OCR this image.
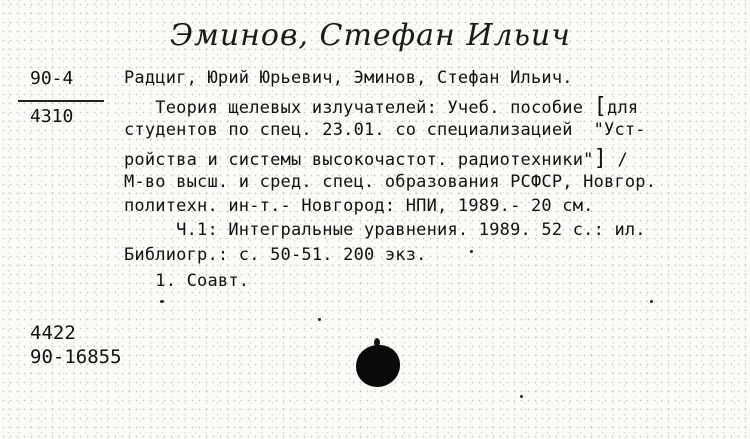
Эминов, Стефан Ильич
90-4
4310
Радциг, Юрий Юрьевич, Эминов, Стефан Ильич.
Теория щелевых излучателей: Учеб. пособие [для
студентов по спец. 23.01. со специализацией  "Уст-
ройства и системы высокочастот. радиотехники"] /
М-во высш. и сред. спец. образования РСФСР, Новгор.
политехн. ин-т.- Новгород: НПИ, 1989.- 20 см.
Ч.1: Интегральные уравнения. 1989. 52 с.: ил.
Библиогр.: с. 50-51. 200 экз.
1. Соавт.
4422
90-16855
